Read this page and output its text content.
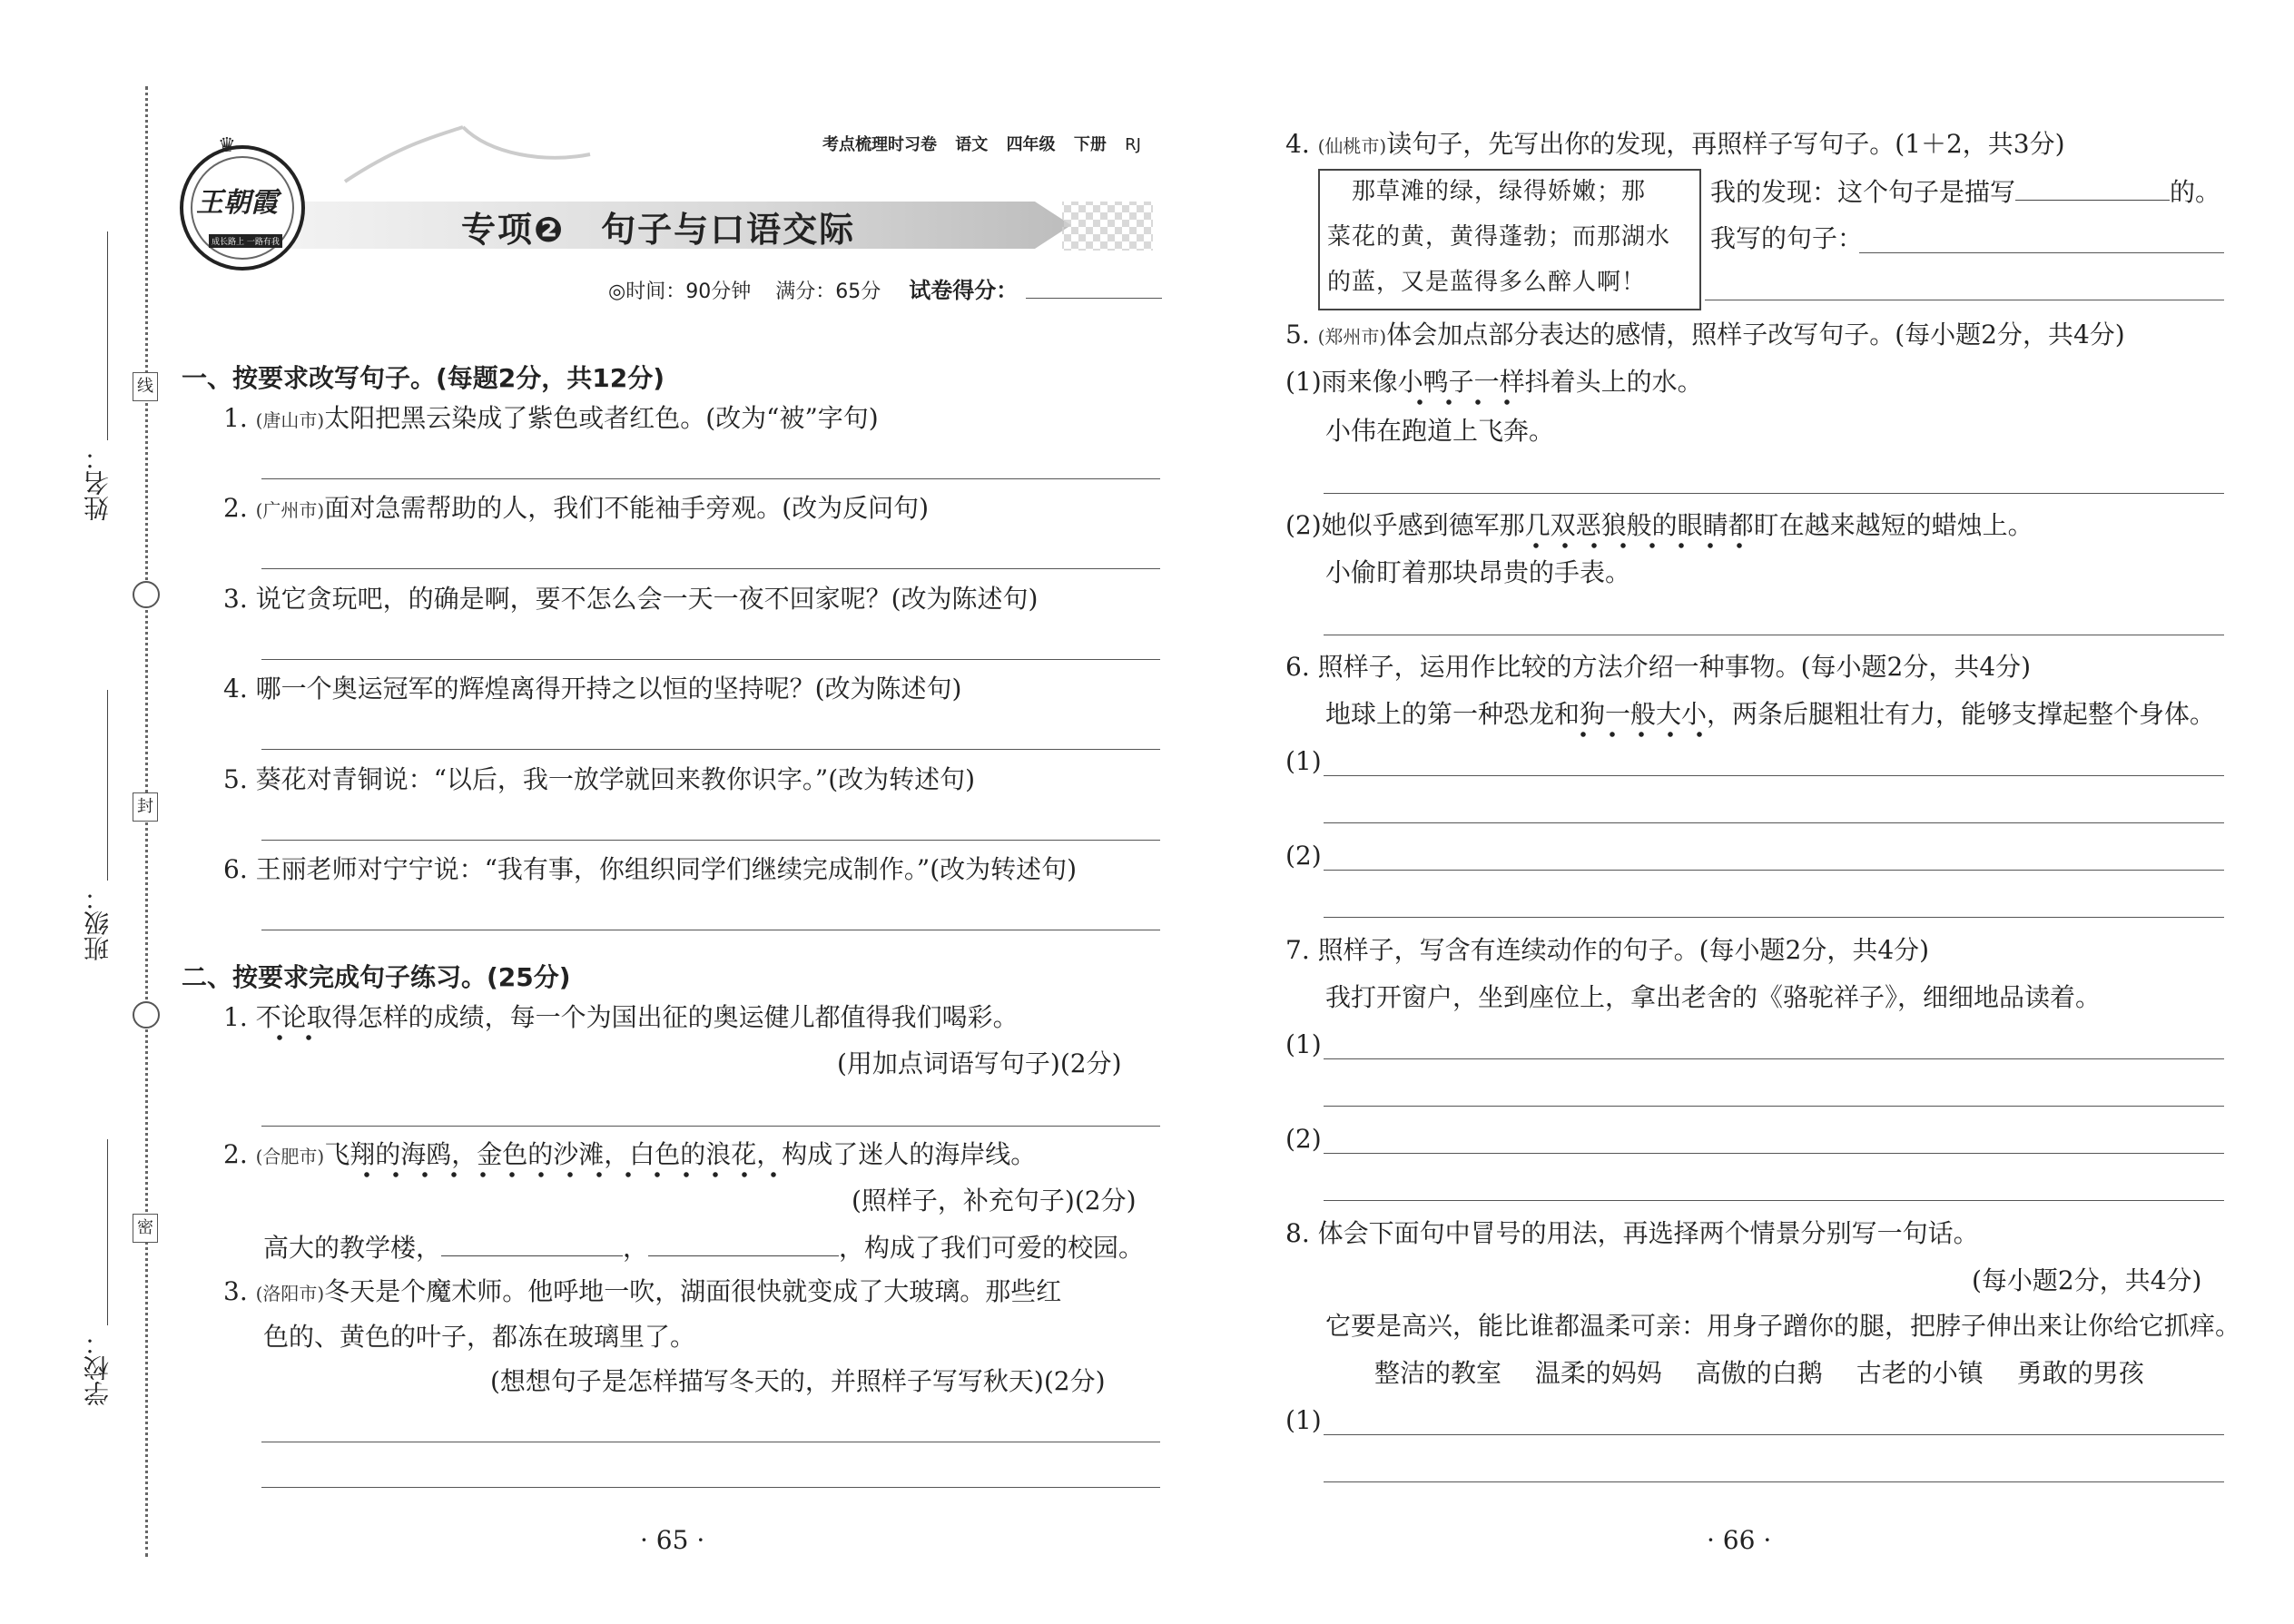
线
封
密
姓名：
班级：
学校：
考点梳理时习卷 语文 四年级 下册 RJ
王朝霞
成长路上 一路有我
♛
专项❷　句子与口语交际
◎时间：90分钟 满分：65分 试卷得分：
一、按要求改写句子。(每题2分，共12分)
1. (唐山市)太阳把黑云染成了紫色或者红色。(改为“被”字句)
2. (广州市)面对急需帮助的人，我们不能袖手旁观。(改为反问句)
3. 说它贪玩吧，的确是啊，要不怎么会一天一夜不回家呢？(改为陈述句)
4. 哪一个奥运冠军的辉煌离得开持之以恒的坚持呢？(改为陈述句)
5. 葵花对青铜说：“以后，我一放学就回来教你识字。”(改为转述句)
6. 王丽老师对宁宁说：“我有事，你组织同学们继续完成制作。”(改为转述句)
二、按要求完成句子练习。(25分)
1. 不论取得怎样的成绩，每一个为国出征的奥运健儿都值得我们喝彩。
(用加点词语写句子)(2分)
2. (合肥市)飞翔的海鸥，金色的沙滩，白色的浪花，构成了迷人的海岸线。
(照样子，补充句子)(2分)
高大的教学楼，	，	，构成了我们可爱的校园。
3. (洛阳市)冬天是个魔术师。他呼地一吹，湖面很快就变成了大玻璃。那些红
色的、黄色的叶子，都冻在玻璃里了。
(想想句子是怎样描写冬天的，并照样子写写秋天)(2分)
· 65 ·
4. (仙桃市)读句子，先写出你的发现，再照样子写句子。(1＋2，共3分)
　那草滩的绿，绿得娇嫩；那
菜花的黄，黄得蓬勃；而那湖水
的蓝，又是蓝得多么醉人啊！
我的发现：这个句子是描写	的。
我写的句子：
5. (郑州市)体会加点部分表达的感情，照样子改写句子。(每小题2分，共4分)
(1)雨来像小鸭子一样抖着头上的水。
小伟在跑道上飞奔。
(2)她似乎感到德军那几双恶狼般的眼睛都盯在越来越短的蜡烛上。
小偷盯着那块昂贵的手表。
6. 照样子，运用作比较的方法介绍一种事物。(每小题2分，共4分)
地球上的第一种恐龙和狗一般大小，两条后腿粗壮有力，能够支撑起整个身体。
(1)
(2)
7. 照样子，写含有连续动作的句子。(每小题2分，共4分)
我打开窗户，坐到座位上，拿出老舍的《骆驼祥子》，细细地品读着。
(1)
(2)
8. 体会下面句中冒号的用法，再选择两个情景分别写一句话。
(每小题2分，共4分)
它要是高兴，能比谁都温柔可亲：用身子蹭你的腿，把脖子伸出来让你给它抓痒。
整洁的教室 温柔的妈妈 高傲的白鹅 古老的小镇 勇敢的男孩
(1)
· 66 ·
